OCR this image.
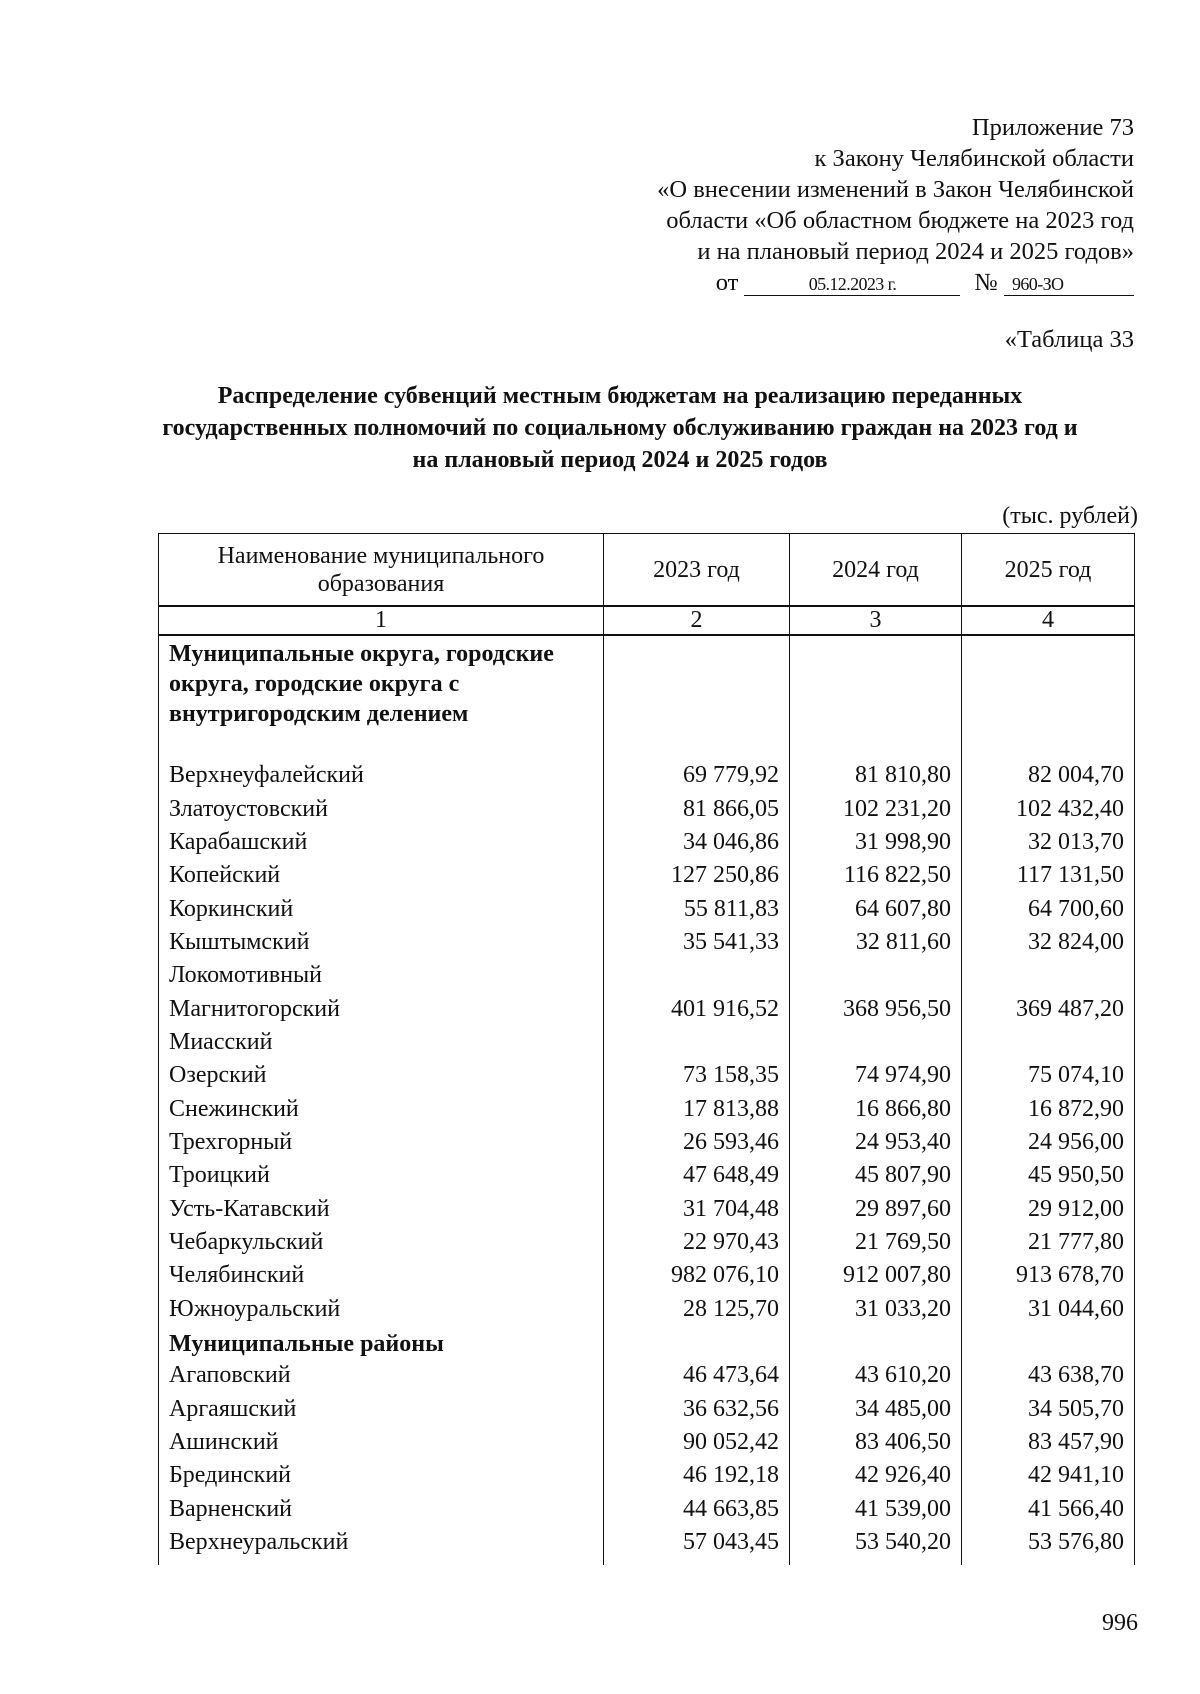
Приложение 73
к Закону Челябинской области
«О внесении изменений в Закон Челябинской
области «Об областном бюджете на 2023 год
и на плановый период 2024 и 2025 годов»
от	05.12.2023 г.	№ 960-ЗО
«Таблица 33
Распределение субвенций местным бюджетам на реализацию переданных государственных полномочий по социальному обслуживанию граждан на 2023 год и на плановый период 2024 и 2025 годов
(тыс. рублей)
Наименование муниципального образования	2023 год	2024 год	2025 год
1	2	3	4
Муниципальные округа, городские округа, городские округа с внутригородским делением			
Верхнеуфалейский	69 779,92	81 810,80	82 004,70
Златоустовский	81 866,05	102 231,20	102 432,40
Карабашский	34 046,86	31 998,90	32 013,70
Копейский	127 250,86	116 822,50	117 131,50
Коркинский	55 811,83	64 607,80	64 700,60
Кыштымский	35 541,33	32 811,60	32 824,00
Локомотивный			
Магнитогорский	401 916,52	368 956,50	369 487,20
Миасский			
Озерский	73 158,35	74 974,90	75 074,10
Снежинский	17 813,88	16 866,80	16 872,90
Трехгорный	26 593,46	24 953,40	24 956,00
Троицкий	47 648,49	45 807,90	45 950,50
Усть-Катавский	31 704,48	29 897,60	29 912,00
Чебаркульский	22 970,43	21 769,50	21 777,80
Челябинский	982 076,10	912 007,80	913 678,70
Южноуральский	28 125,70	31 033,20	31 044,60
Муниципальные районы			
Агаповский	46 473,64	43 610,20	43 638,70
Аргаяшский	36 632,56	34 485,00	34 505,70
Ашинский	90 052,42	83 406,50	83 457,90
Брединский	46 192,18	42 926,40	42 941,10
Варненский	44 663,85	41 539,00	41 566,40
Верхнеуральский	57 043,45	53 540,20	53 576,80
996
